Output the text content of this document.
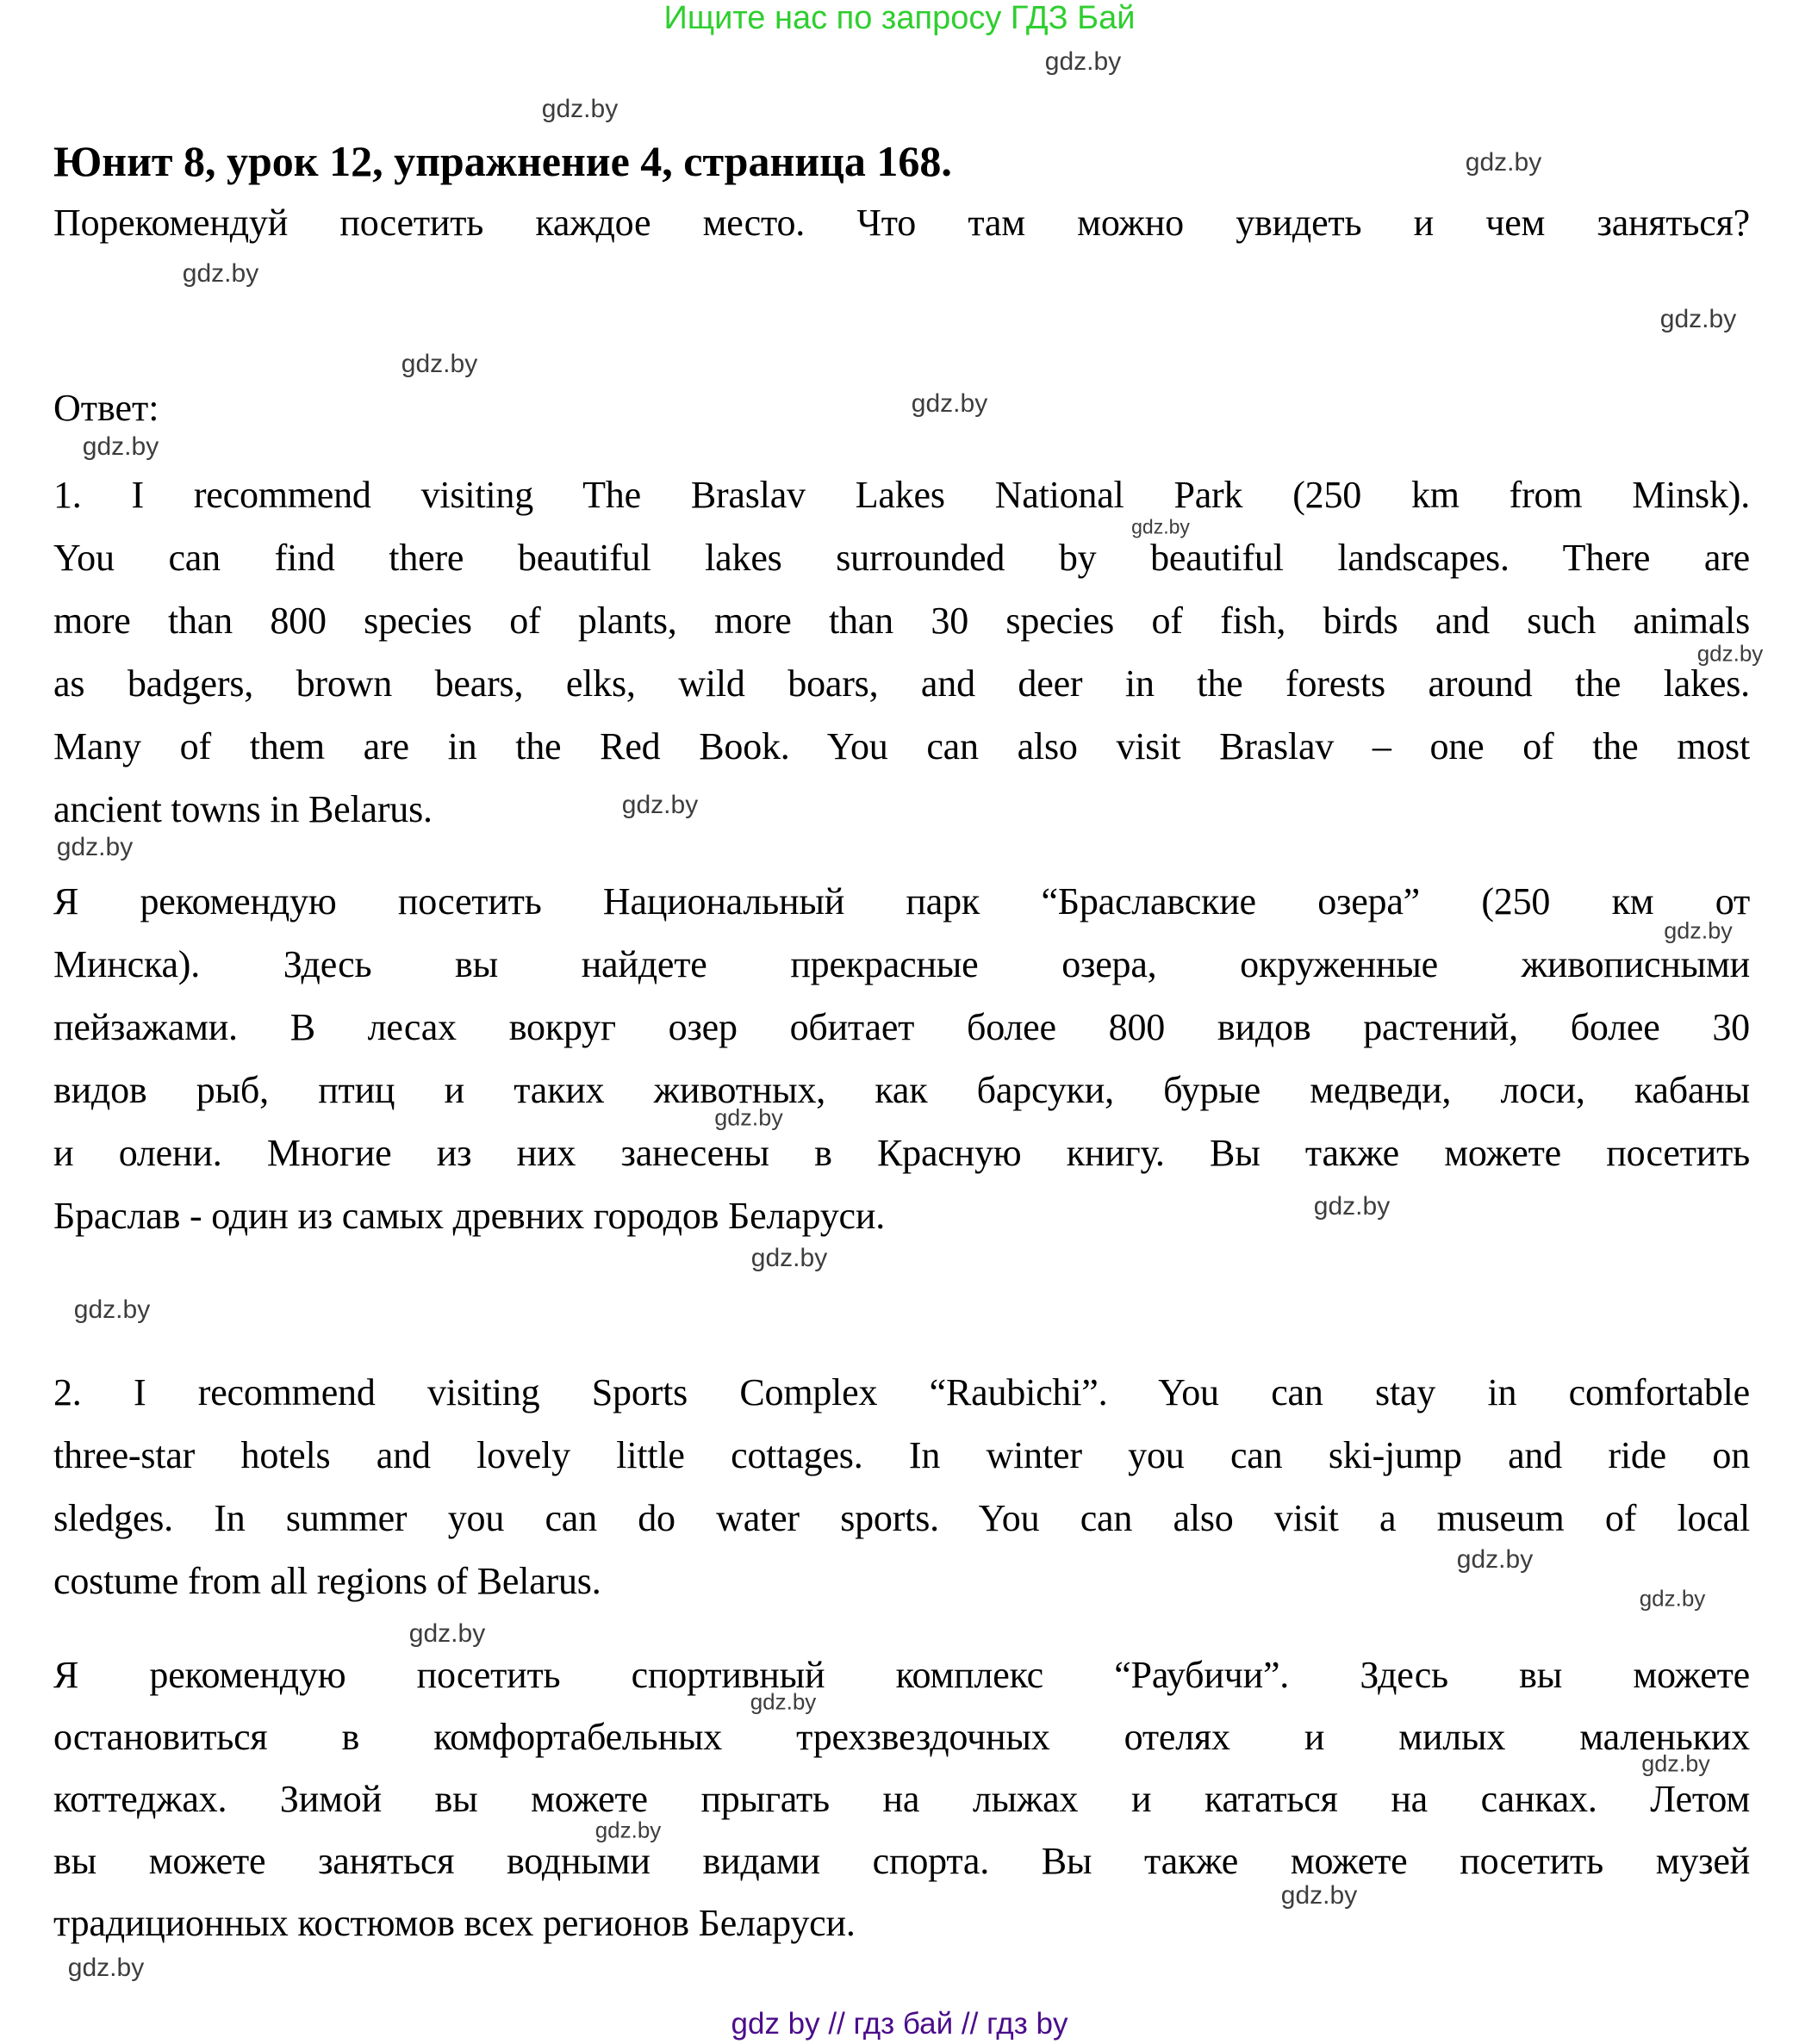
Ищите нас по запросу ГДЗ Бай
Юнит 8, урок 12, упражнение 4, страница 168.
Порекомендуй посетить каждое место. Что там можно увидеть и чем заняться?
Ответ:
1. I recommend visiting The Braslav Lakes National Park (250 km from Minsk).
You can find there beautiful lakes surrounded by beautiful landscapes. There are
more than 800 species of plants, more than 30 species of fish, birds and such animals
as badgers, brown bears, elks, wild boars, and deer in the forests around the lakes.
Many of them are in the Red Book. You can also visit Braslav – one of the most
ancient towns in Belarus.
Я рекомендую посетить Национальный парк “Браславские озера” (250 км от
Минска). Здесь вы найдете прекрасные озера, окруженные живописными
пейзажами. В лесах вокруг озер обитает более 800 видов растений, более 30
видов рыб, птиц и таких животных, как барсуки, бурые медведи, лоси, кабаны
и олени. Многие из них занесены в Красную книгу. Вы также можете посетить
Браслав - один из самых древних городов Беларуси.
2. I recommend visiting Sports Complex “Raubichi”. You can stay in comfortable
three-star hotels and lovely little cottages. In winter you can ski-jump and ride on
sledges. In summer you can do water sports. You can also visit a museum of local
costume from all regions of Belarus.
Я рекомендую посетить спортивный комплекс “Раубичи”. Здесь вы можете
остановиться в комфортабельных трехзвездочных отелях и милых маленьких
коттеджах. Зимой вы можете прыгать на лыжах и кататься на санках. Летом
вы можете заняться водными видами спорта. Вы также можете посетить музей
традиционных костюмов всех регионов Беларуси.
gdz.by
gdz.by
gdz.by
gdz.by
gdz.by
gdz.by
gdz.by
gdz.by
gdz.by
gdz.by
gdz.by
gdz.by
gdz.by
gdz.by
gdz.by
gdz.by
gdz.by
gdz.by
gdz.by
gdz.by
gdz.by
gdz.by
gdz.by
gdz.by
gdz.by
gdz by // гдз бай // гдз by
